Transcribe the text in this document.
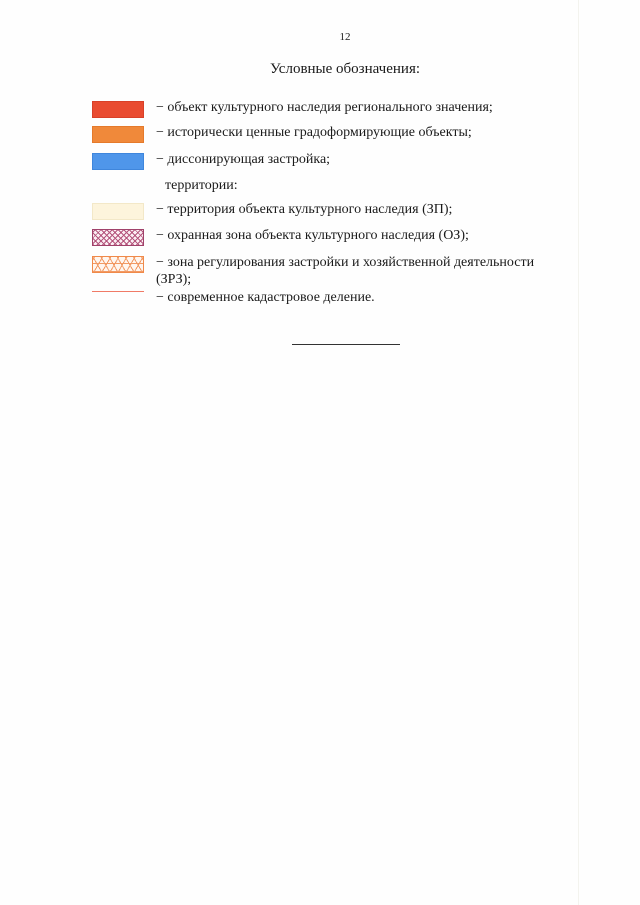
12
Условные обозначения:
− объект культурного наследия регионального значения;
− исторически ценные градоформирующие объекты;
− диссонирующая застройка;
территории:
− территория объекта культурного наследия (ЗП);
− охранная зона объекта культурного наследия (ОЗ);
− зона регулирования застройки и хозяйственной деятельности (ЗРЗ);
− современное кадастровое деление.
